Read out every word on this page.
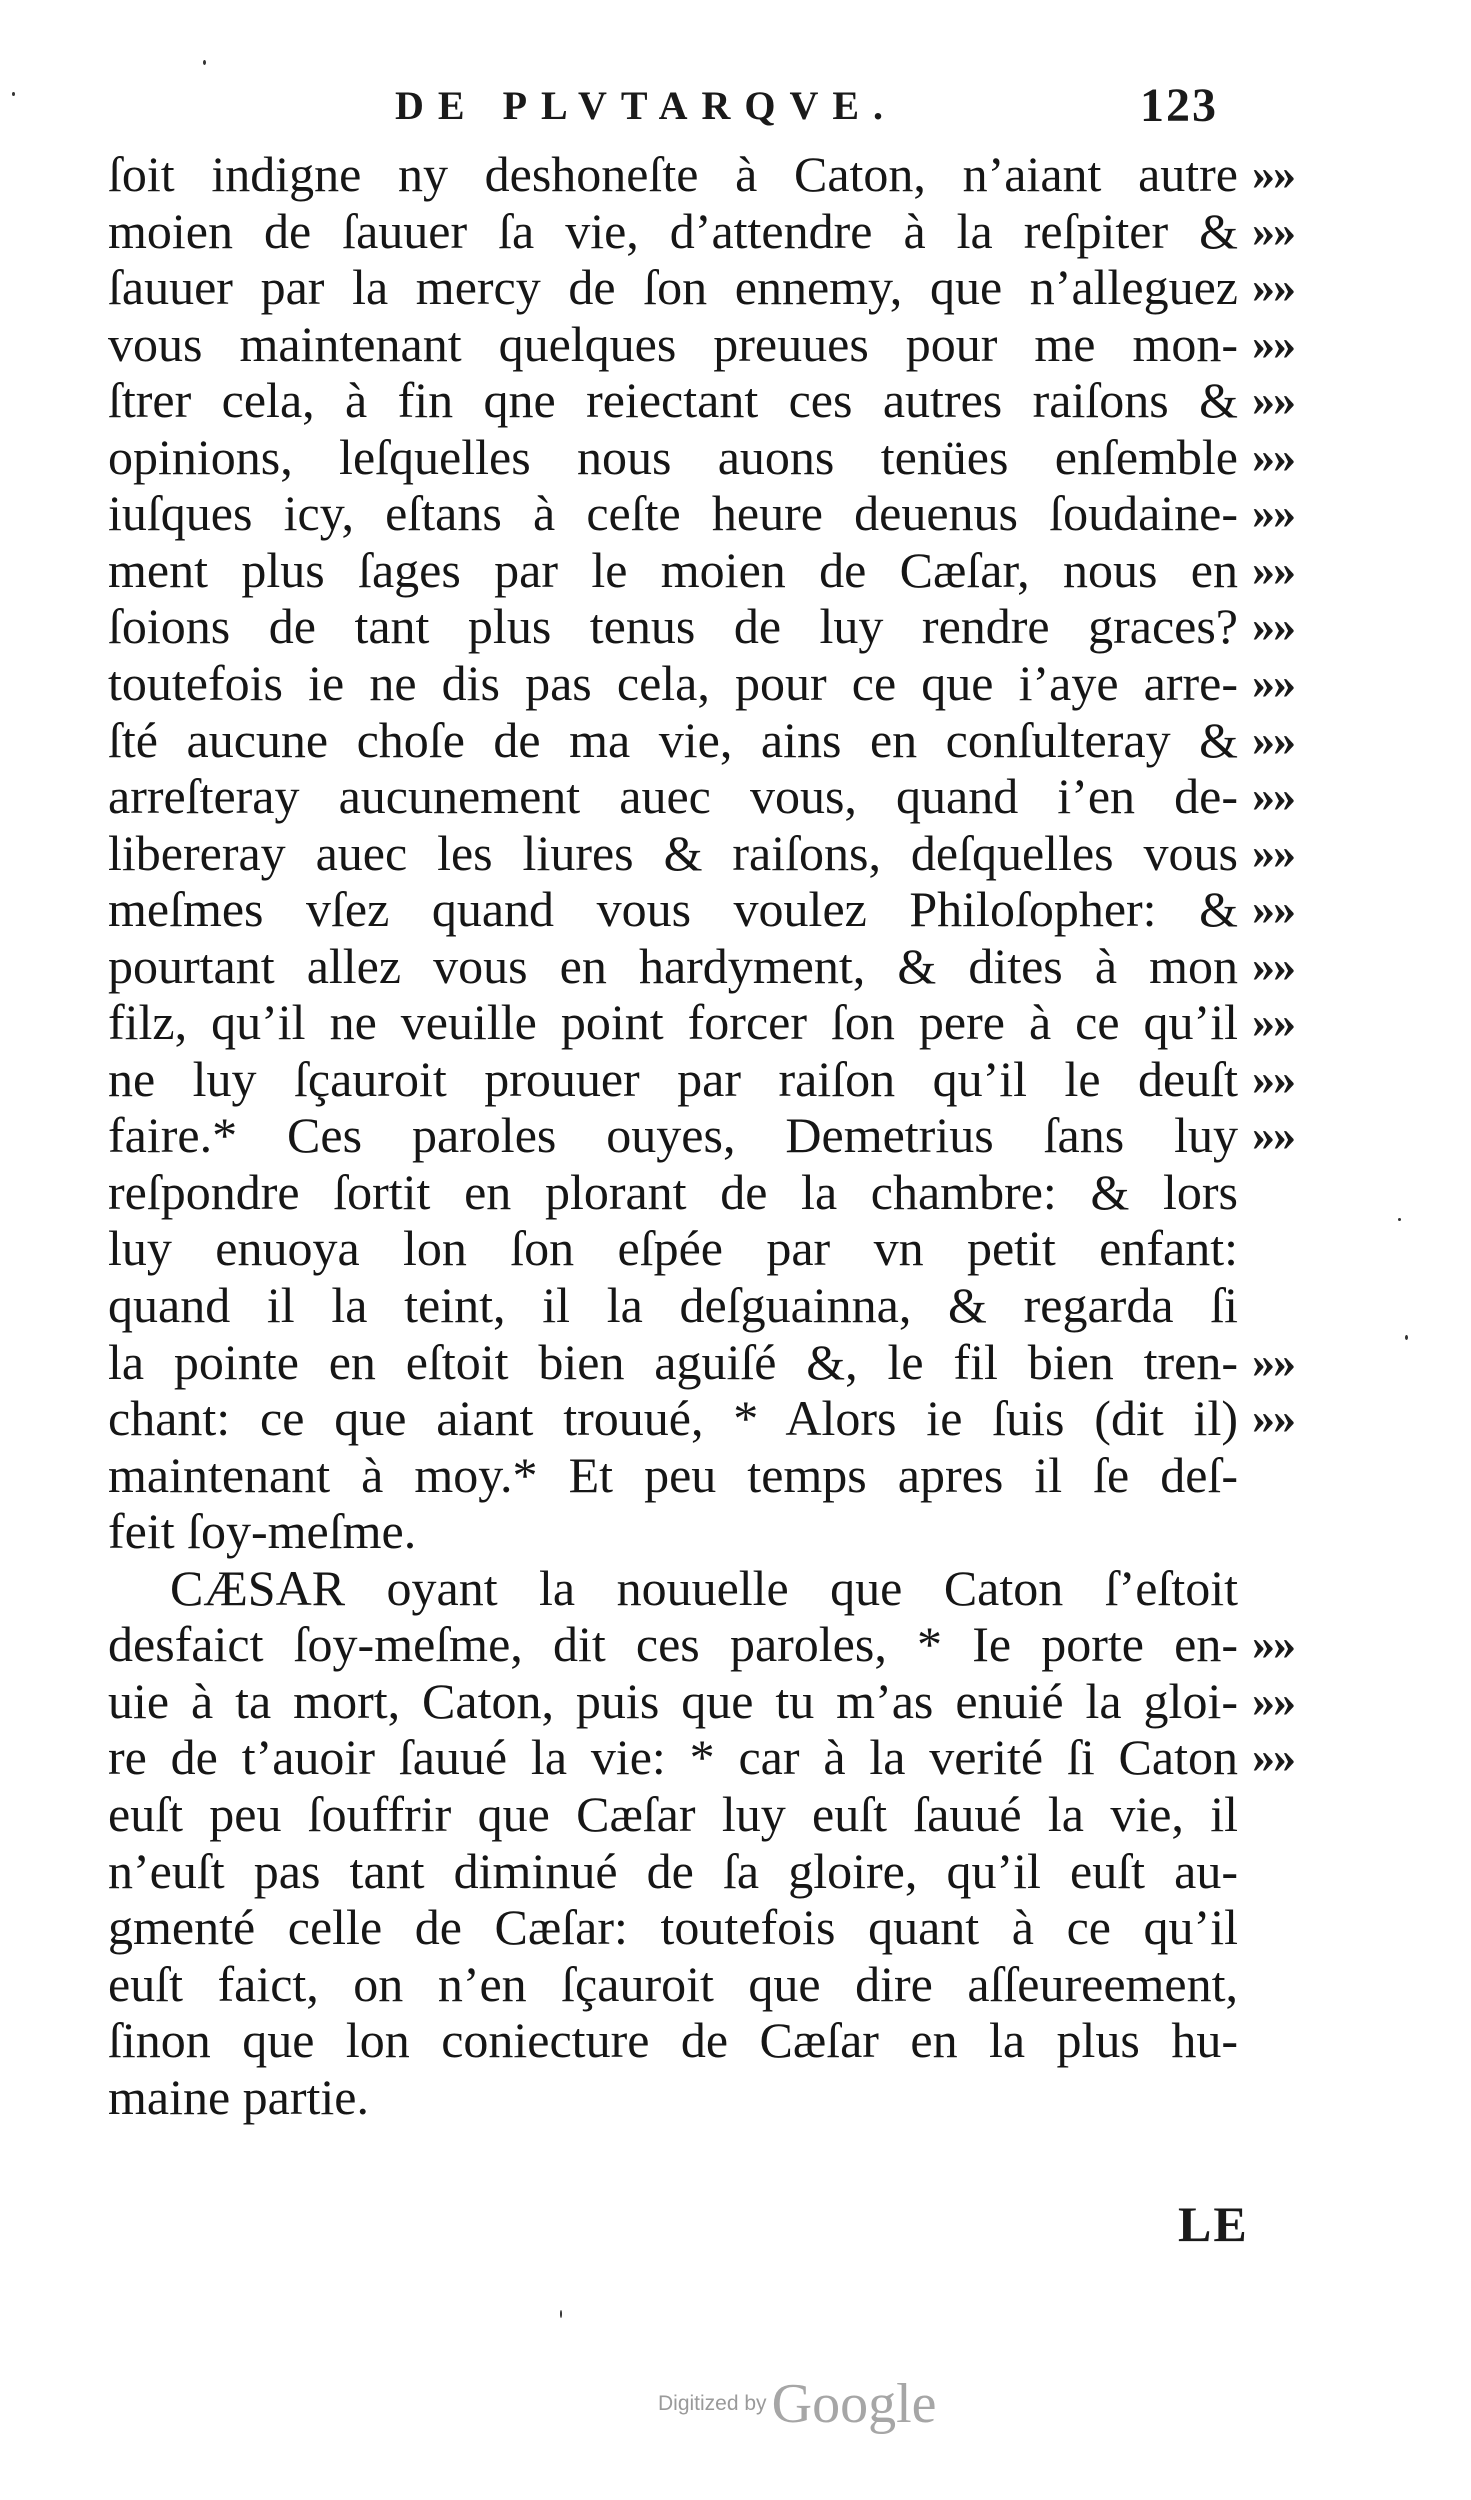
DE PLVTARQVE.	123
ſoit indigne ny deshoneſte à Caton, n’aiant autre »»
moien de ſauuer ſa vie, d’attendre à la reſpiter & »»
ſauuer par la mercy de ſon ennemy, que n’alleguez »»
vous maintenant quelques preuues pour me mon- »»
ſtrer cela, à fin qne reiectant ces autres raiſons & »»
opinions, leſquelles nous auons tenües enſemble »»
iuſques icy, eſtans à ceſte heure deuenus ſoudaine- »»
ment plus ſages par le moien de Cæſar, nous en »»
ſoions de tant plus tenus de luy rendre graces? »»
toutefois ie ne dis pas cela, pour ce que i’aye arre- »»
ſté aucune choſe de ma vie, ains en conſulteray & »»
arreſteray aucunement auec vous, quand i’en de- »»
libereray auec les liures & raiſons, deſquelles vous »»
meſmes vſez quand vous voulez Philoſopher: & »»
pourtant allez vous en hardyment, & dites à mon »»
filz, qu’il ne veuille point forcer ſon pere à ce qu’il »»
ne luy ſçauroit prouuer par raiſon qu’il le deuſt »»
faire.* Ces paroles ouyes, Demetrius ſans luy »»
reſpondre ſortit en plorant de la chambre: & lors
luy enuoya lon ſon eſpée par vn petit enfant:
quand il la teint, il la deſguainna, & regarda ſi
la pointe en eſtoit bien aguiſé &, le fil bien tren- »»
chant: ce que aiant trouué, * Alors ie ſuis (dit il) »»
maintenant à moy.* Et peu temps apres il ſe deſ-
feit ſoy-meſme.
CÆSAR oyant la nouuelle que Caton ſ’eſtoit
desfaict ſoy-meſme, dit ces paroles, * Ie porte en- »»
uie à ta mort, Caton, puis que tu m’as enuié la gloi- »»
re de t’auoir ſauué la vie: * car à la verité ſi Caton »»
euſt peu ſouffrir que Cæſar luy euſt ſauué la vie, il
n’euſt pas tant diminué de ſa gloire, qu’il euſt au-
gmenté celle de Cæſar: toutefois quant à ce qu’il
euſt faict, on n’en ſçauroit que dire aſſeureement,
ſinon que lon coniecture de Cæſar en la plus hu-
maine partie.
LE
Digitized by Google
